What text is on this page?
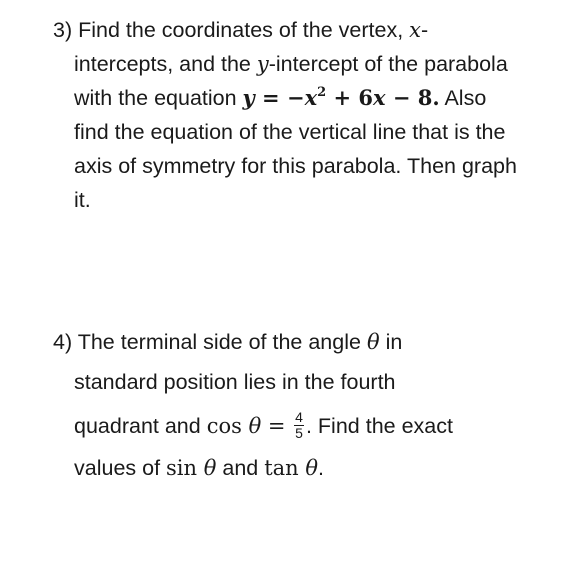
3) Find the coordinates of the vertex, x-
intercepts, and the y-intercept of the parabola
with the equation $y = -x^2 + 6x - 8$. Also
find the equation of the vertical line that is the
axis of symmetry for this parabola. Then graph
it.
4) The terminal side of the angle θ in
standard position lies in the fourth
quadrant and $\cos \theta = \frac{4}{5}$ . Find the exact
values of sin θ and tan θ.
